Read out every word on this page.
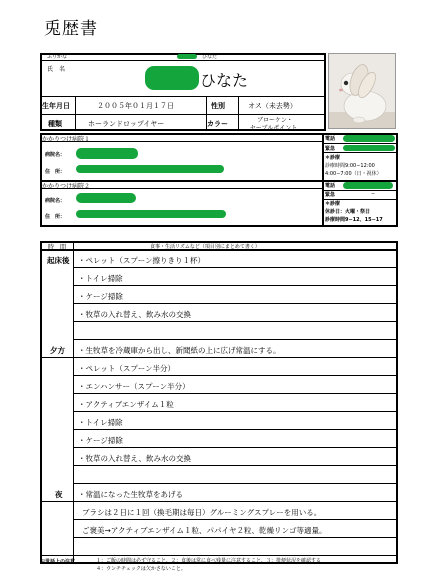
兎歴書
ふりがな	ひなた
氏　名
ひなた
生年月日	２００５年０１月１７日	性別	オス（未去勢）
種類	ホーランドロップイヤー	カラー	ブローケン・
セーブルポイント
かかりつけ病院１
病院名：
住　所：
電話
緊急
＊診療
診療時間9:00−12:00
4:00−7:00（日・祝休）
かかりつけ病院２
病院名：
住　所：
電話
緊急	−
＊診療
休診日：火曜・祭日
診療時間9−12、15−17
時　間	食事・生活リズムなど（項目別にまとめて書く）
起床後 ・ペレット（スプーン擦りきり１杯）
・トイレ掃除
・ケージ掃除
・牧草の入れ替え、飲み水の交換
夕方 ・生牧草を冷蔵庫から出し、新聞紙の上に広げ常温にする。
・ペレット（スプーン半分）
・エンハンサー（スプーン半分）
・アクティブエンザイム１粒
・トイレ掃除
・ケージ掃除
・牧草の入れ替え、飲み水の交換
夜 ・常温になった生牧草をあげる
ブラシは２日に１回（換毛期は毎日）グルーミングスプレーを用いる。
ご褒美→アクティブエンザイム１粒、パパイヤ２粒、乾燥リンゴ等適量。
お世話上の注意	１：ご飯の時間は必ず守ること、２：食後は常に食べ残量に注意すること、３：排便状況を確認する
４：ウンチチェックは欠かさないこと。
